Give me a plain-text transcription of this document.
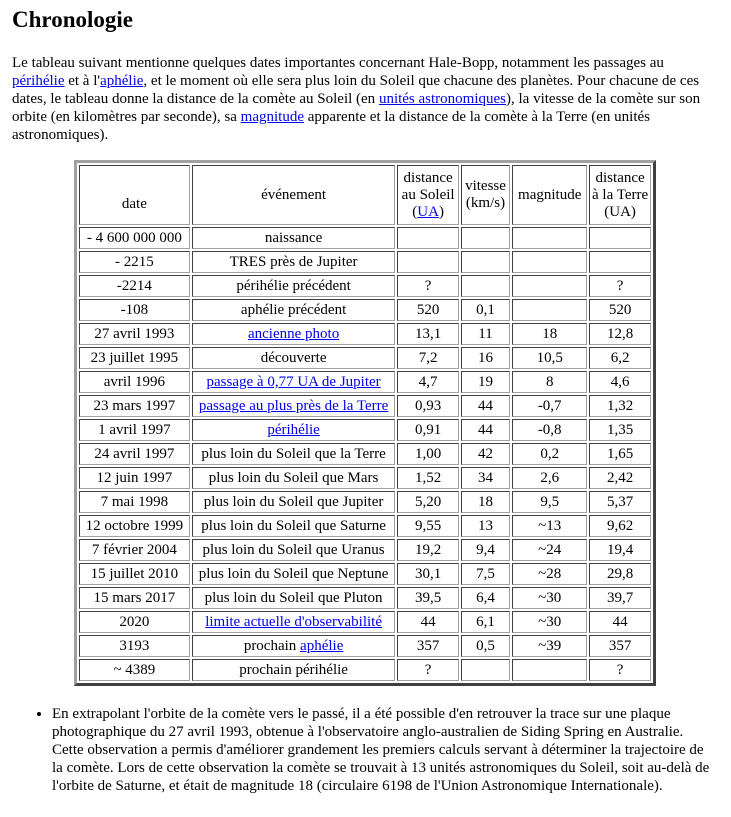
Chronologie

Le tableau suivant mentionne quelques dates importantes concernant Hale-Bopp, notamment les passages au périhélie et à l'aphélie, et le moment où elle sera plus loin du Soleil que chacune des planètes. Pour chacune de ces dates, le tableau donne la distance de la comète au Soleil (en unités astronomiques), la vitesse de la comète sur son orbite (en kilomètres par seconde), sa magnitude apparente et la distance de la comète à la Terre (en unités astronomiques).

date	événement	distance
au Soleil
(UA)	vitesse
(km/s)	magnitude	distance
à la Terre
(UA)
- 4 600 000 000	naissance				
- 2215	TRES près de Jupiter				
-2214	périhélie précédent	?			?
-108	aphélie précédent	520	0,1		520
27 avril 1993	ancienne photo	13,1	11	18	12,8
23 juillet 1995	découverte	7,2	16	10,5	6,2
avril 1996	passage à 0,77 UA de Jupiter	4,7	19	8	4,6
23 mars 1997	passage au plus près de la Terre	0,93	44	-0,7	1,32
1 avril 1997	périhélie	0,91	44	-0,8	1,35
24 avril 1997	plus loin du Soleil que la Terre	1,00	42	0,2	1,65
12 juin 1997	plus loin du Soleil que Mars	1,52	34	2,6	2,42
7 mai 1998	plus loin du Soleil que Jupiter	5,20	18	9,5	5,37
12 octobre 1999	plus loin du Soleil que Saturne	9,55	13	~13	9,62
7 février 2004	plus loin du Soleil que Uranus	19,2	9,4	~24	19,4
15 juillet 2010	plus loin du Soleil que Neptune	30,1	7,5	~28	29,8
15 mars 2017	plus loin du Soleil que Pluton	39,5	6,4	~30	39,7
2020	limite actuelle d'observabilité	44	6,1	~30	44
3193	prochain aphélie	357	0,5	~39	357
~ 4389	prochain périhélie	?			?
• En extrapolant l'orbite de la comète vers le passé, il a été possible d'en retrouver la trace sur une plaque photographique du 27 avril 1993, obtenue à l'observatoire anglo-australien de Siding Spring en Australie. Cette observation a permis d'améliorer grandement les premiers calculs servant à déterminer la trajectoire de la comète. Lors de cette observation la comète se trouvait à 13 unités astronomiques du Soleil, soit au-delà de l'orbite de Saturne, et était de magnitude 18 (circulaire 6198 de l'Union Astronomique Internationale).
